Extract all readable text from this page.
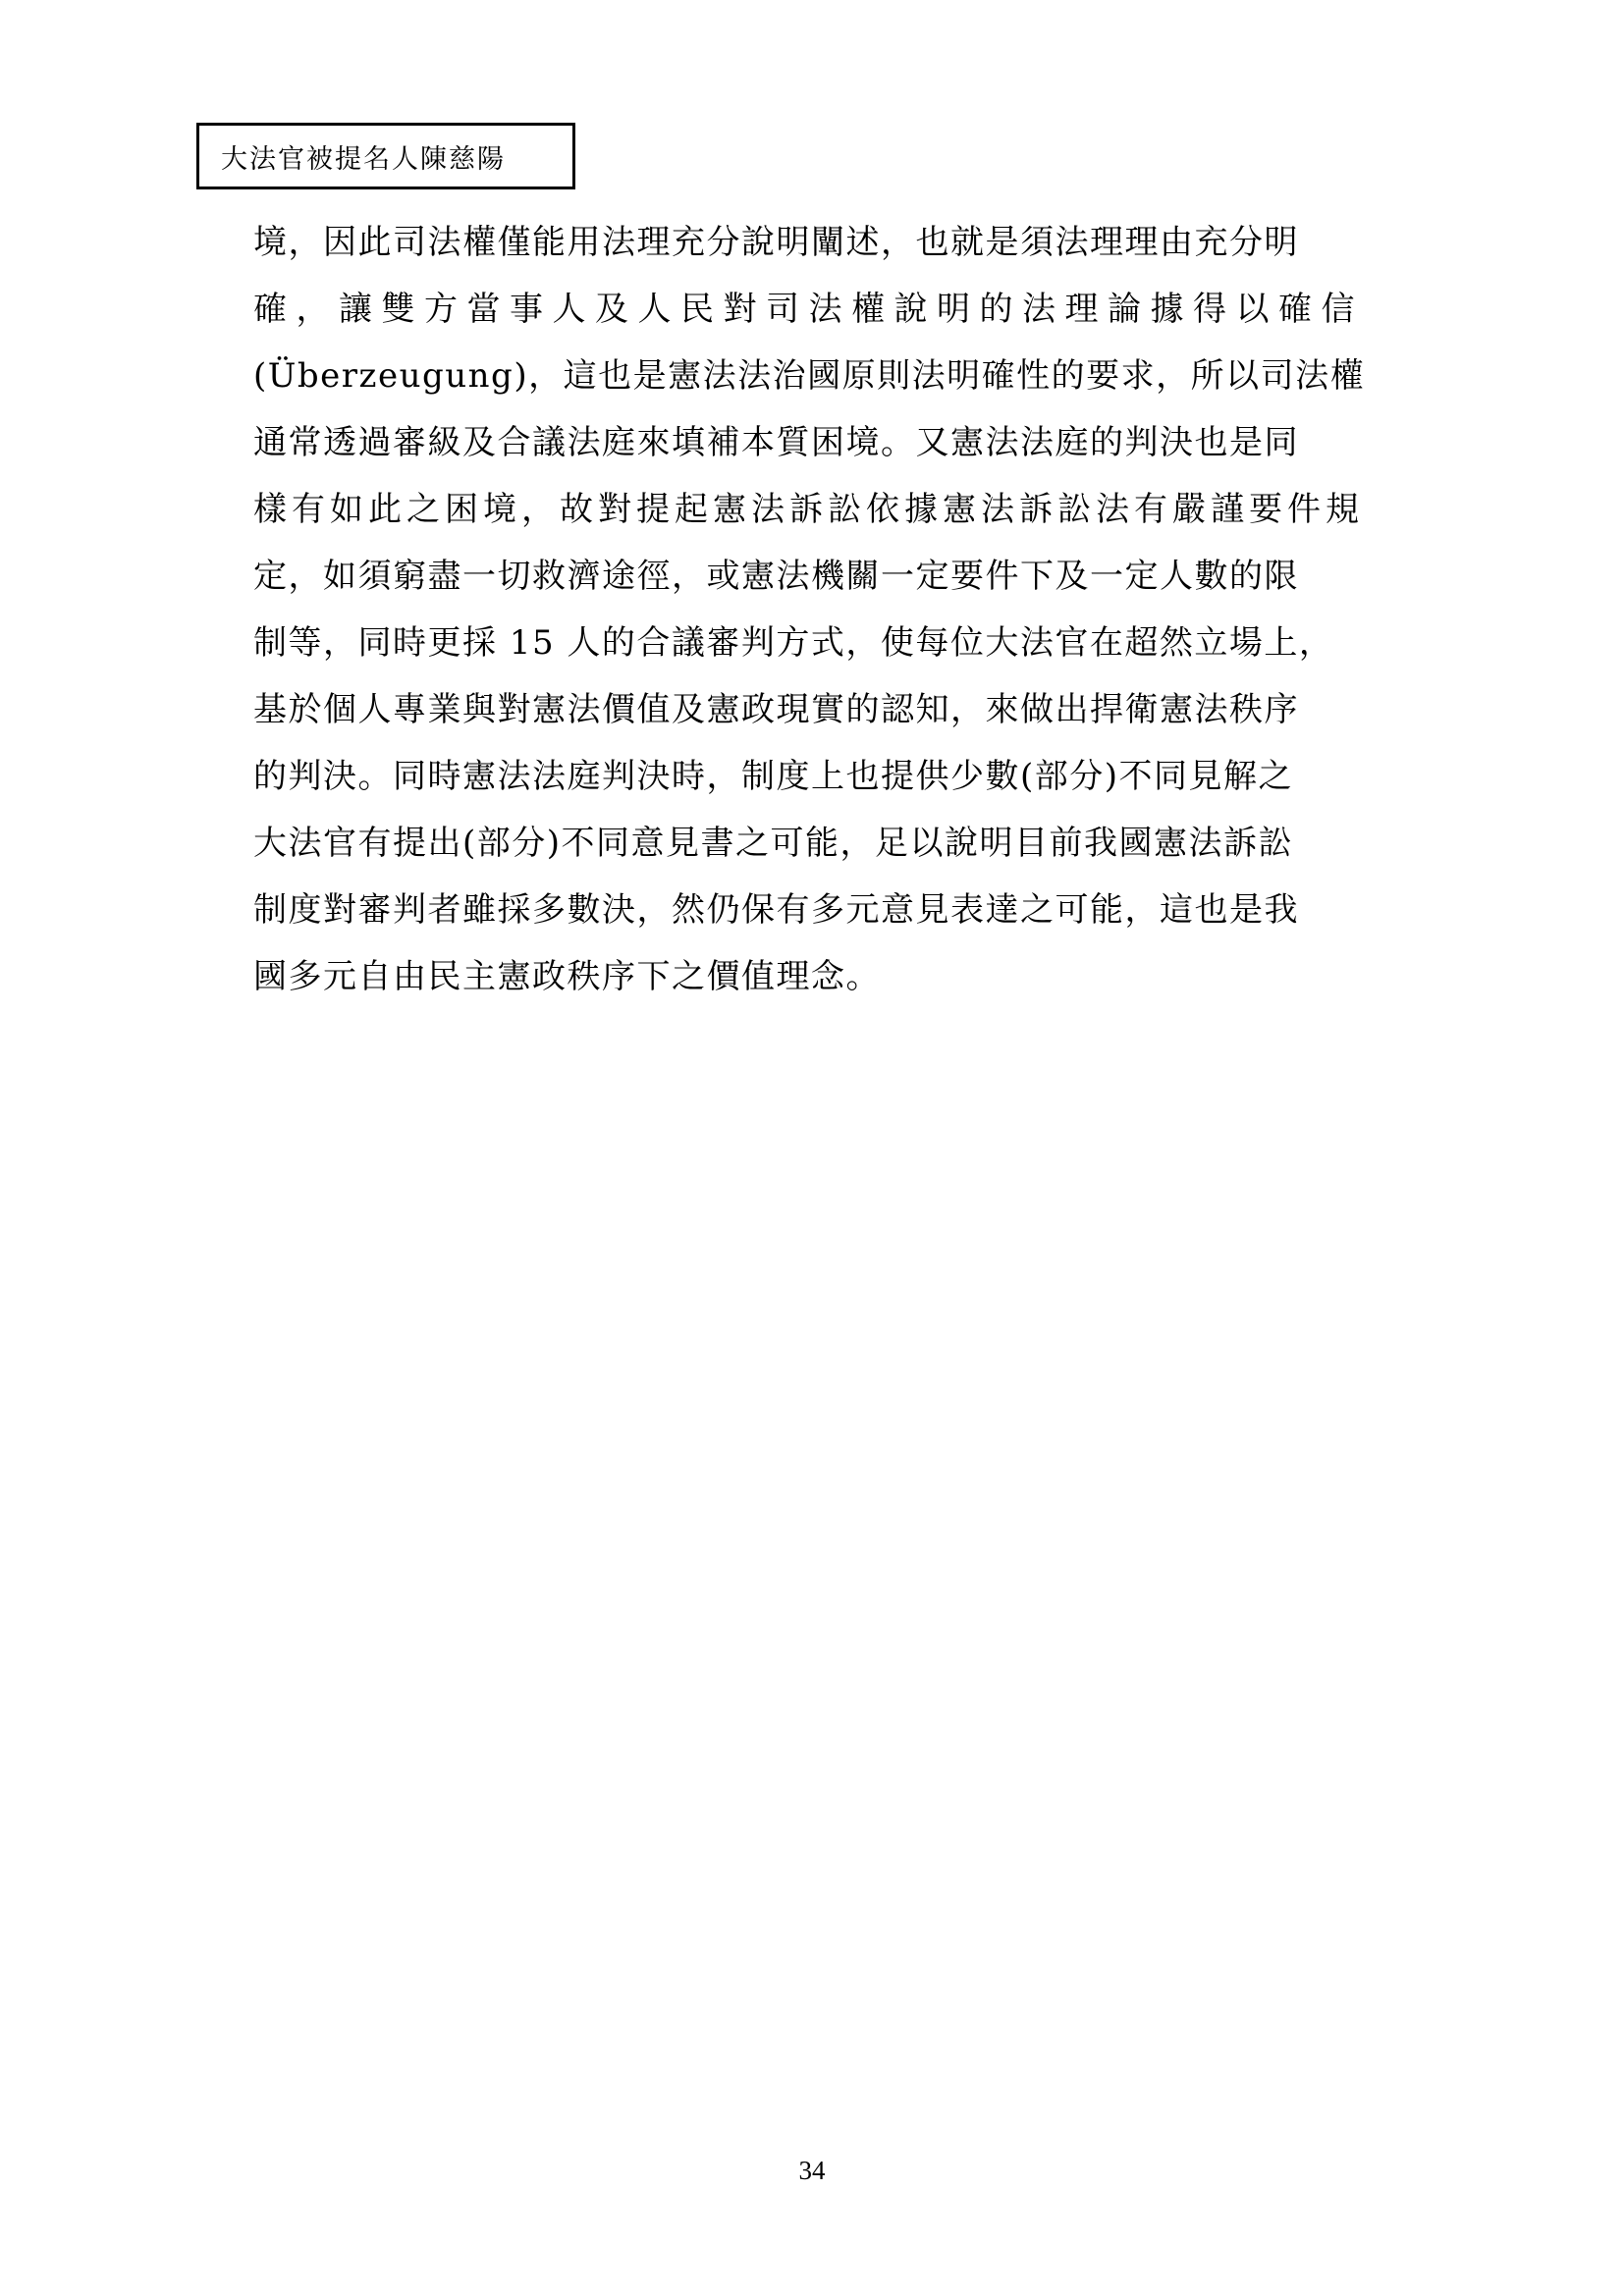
大法官被提名人陳慈陽
境，因此司法權僅能用法理充分說明闡述，也就是須法理理由充分明
確，讓雙方當事人及人民對司法權說明的法理論據得以確信
(Überzeugung)，這也是憲法法治國原則法明確性的要求，所以司法權
通常透過審級及合議法庭來填補本質困境。又憲法法庭的判決也是同
樣有如此之困境，故對提起憲法訴訟依據憲法訴訟法有嚴謹要件規
定，如須窮盡一切救濟途徑，或憲法機關一定要件下及一定人數的限
制等，同時更採 15 人的合議審判方式，使每位大法官在超然立場上，
基於個人專業與對憲法價值及憲政現實的認知，來做出捍衛憲法秩序
的判決。同時憲法法庭判決時，制度上也提供少數(部分)不同見解之
大法官有提出(部分)不同意見書之可能，足以說明目前我國憲法訴訟
制度對審判者雖採多數決，然仍保有多元意見表達之可能，這也是我
國多元自由民主憲政秩序下之價值理念。
34
